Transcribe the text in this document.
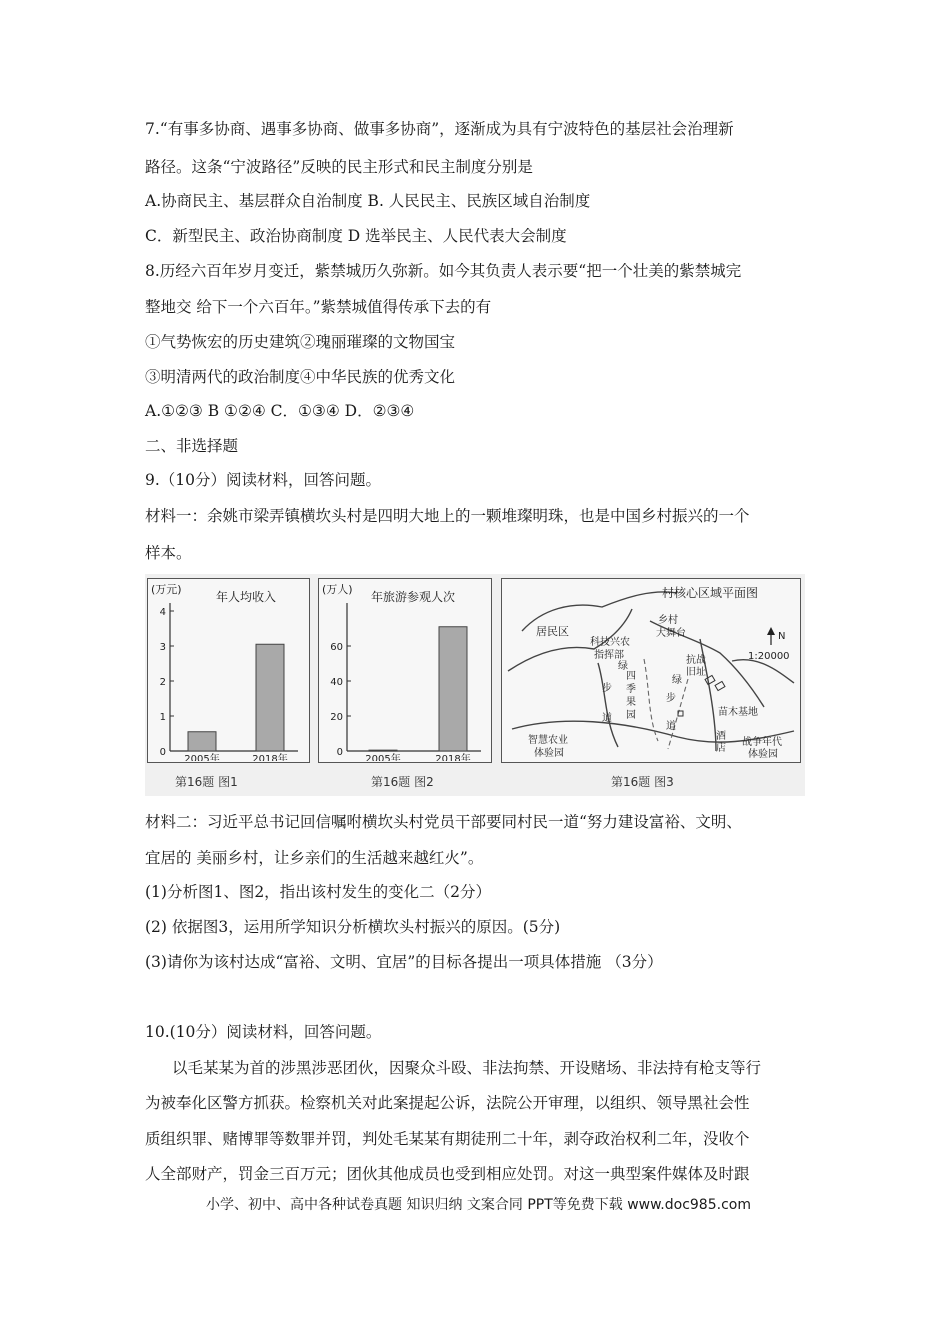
7.“有事多协商、遇事多协商、做事多协商”，逐渐成为具有宁波特色的基层社会治理新
路径。这条“宁波路径”反映的民主形式和民主制度分别是
A.协商民主、基层群众自治制度 B. 人民民主、民族区域自治制度
C．新型民主、政治协商制度 D 选举民主、人民代表大会制度
8.历经六百年岁月变迁，紫禁城历久弥新。如今其负责人表示要“把一个壮美的紫禁城完
整地交 给下一个六百年。”紫禁城值得传承下去的有
①气势恢宏的历史建筑②瑰丽璀璨的文物国宝
③明清两代的政治制度④中华民族的优秀文化
A.①②③ B ①②④ C．①③④ D．②③④
二、非选择题
9.（10分）阅读材料，回答问题。
材料一：余姚市梁弄镇横坎头村是四明大地上的一颗堆璨明珠，也是中国乡村振兴的一个
样本。
(万元)
年人均收入
0
1
2
3
4
2005年	2018年
第16题 图1
(万人)
年旅游参观人次
0
20
40
60
2005年	2018年
第16题 图2
村核心区域平面图
N
1:20000
居民区
科技兴农
指挥部
乡村
大舞台
抗战
旧址
绿
绿
步
道
步
道
四
季
果
园	苗木基地
酒
店
智慧农业
体验园
战争年代
体验园
第16题 图3
材料二：习近平总书记回信嘱咐横坎头村党员干部要同村民一道“努力建设富裕、文明、
宜居的 美丽乡村，让乡亲们的生活越来越红火”。
(1)分析图1、图2，指出该村发生的变化二（2分）
(2) 依据图3，运用所学知识分析横坎头村振兴的原因。(5分)
(3)请你为该村达成“富裕、文明、宜居”的目标各提出一项具体措施 （3分）
10.(10分）阅读材料，回答问题。
以毛某某为首的涉黑涉恶团伙，因聚众斗殴、非法拘禁、开设赌场、非法持有枪支等行
为被奉化区警方抓获。检察机关对此案提起公诉，法院公开审理，以组织、领导黑社会性
质组织罪、赌博罪等数罪并罚，判处毛某某有期徒刑二十年，剥夺政治权利二年，没收个
人全部财产，罚金三百万元；团伙其他成员也受到相应处罚。对这一典型案件媒体及时跟
小学、初中、高中各种试卷真题 知识归纳 文案合同 PPT等免费下载 www.doc985.com
